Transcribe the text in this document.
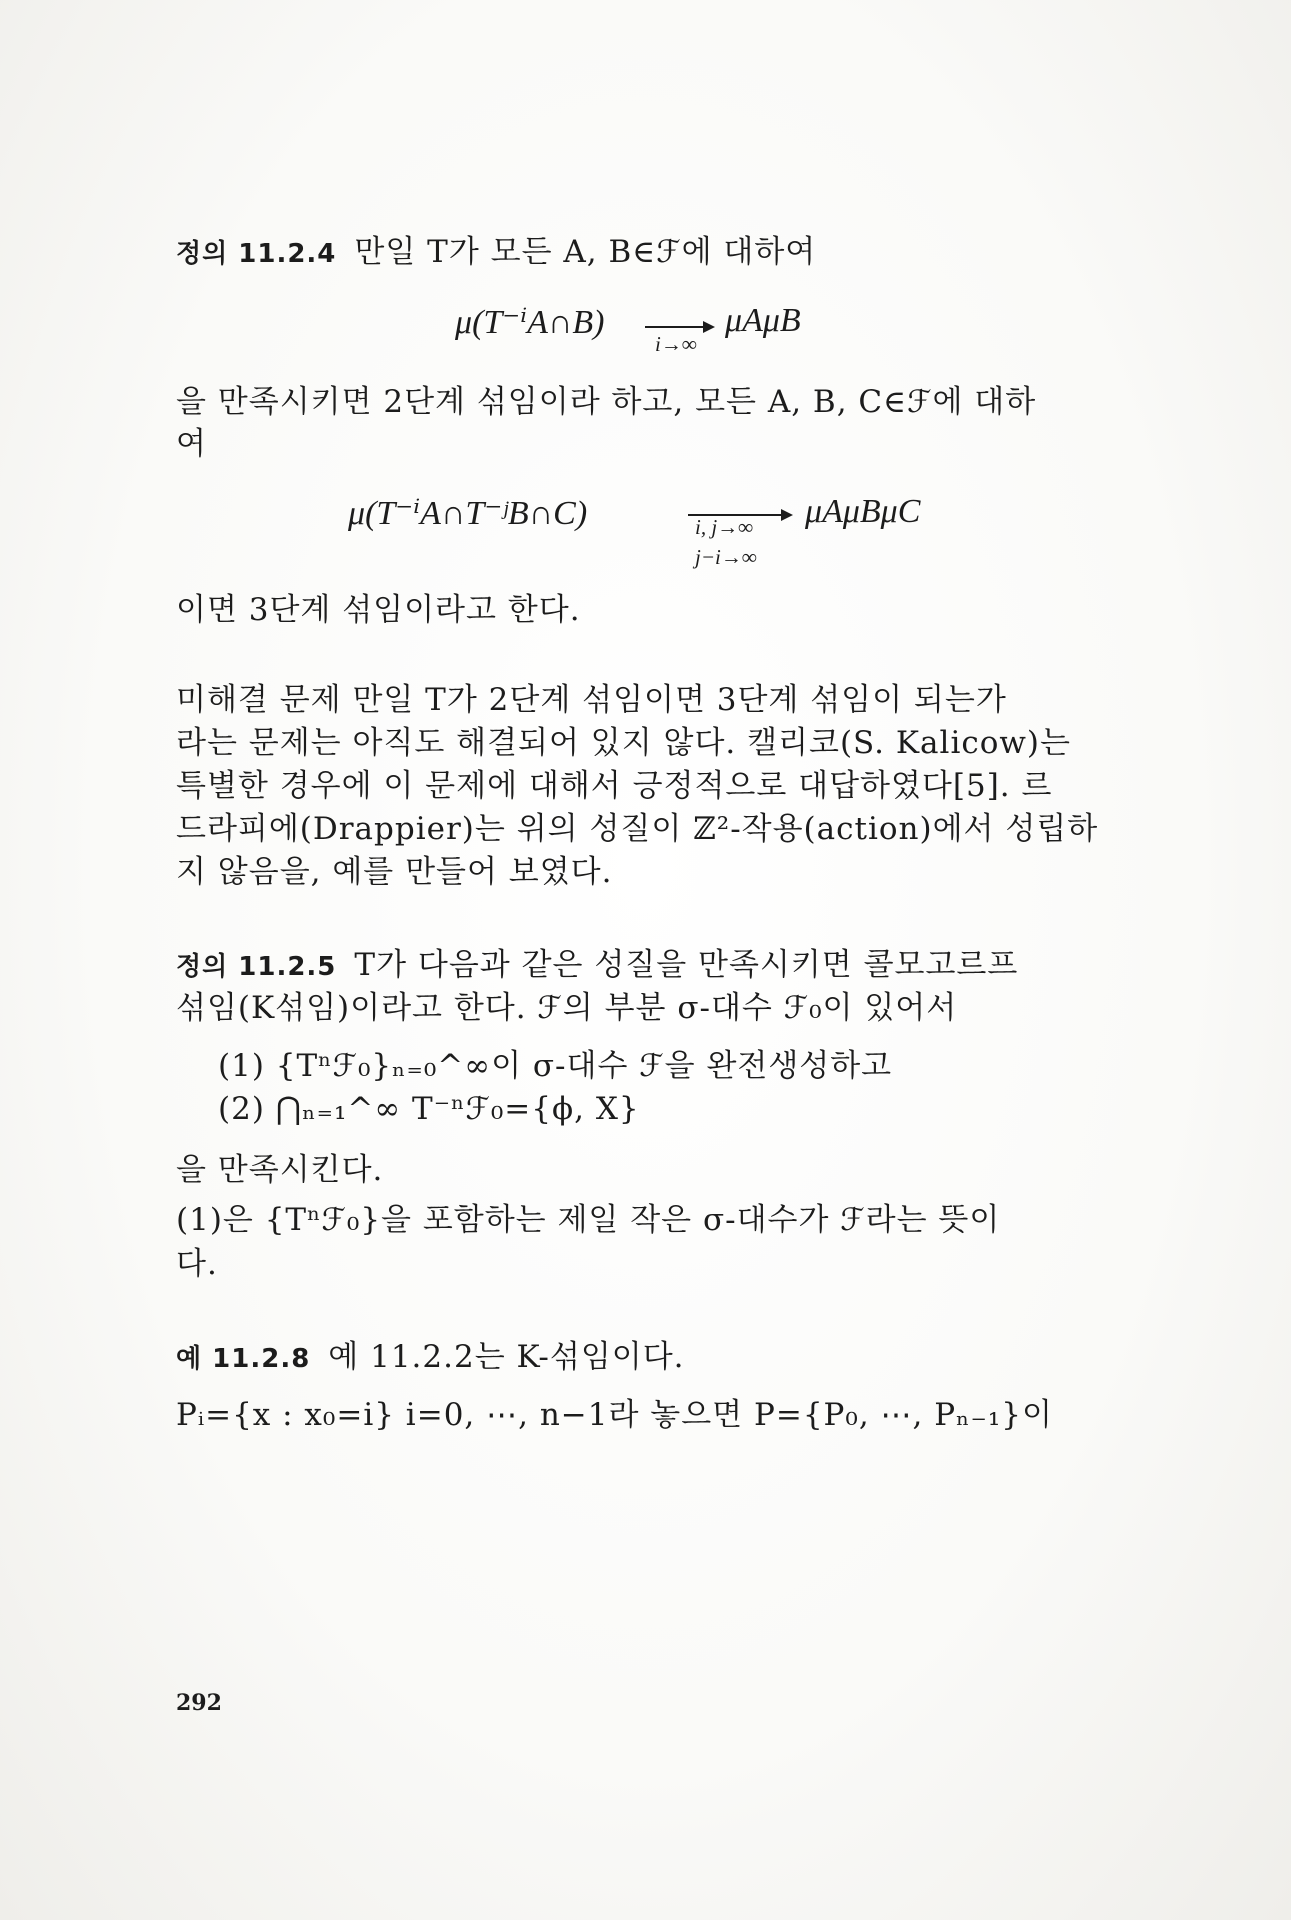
정의 11.2.4 만일 T가 모든 A, B∈ℱ에 대하여
μ(T⁻ⁱA∩B)
i→∞
μAμB
을 만족시키면 2단계 섞임이라 하고, 모든 A, B, C∈ℱ에 대하
여
μ(T⁻ⁱA∩T⁻ʲB∩C)	i, j→∞
j−i→∞
μAμBμC
이면 3단계 섞임이라고 한다.
미해결 문제 만일 T가 2단계 섞임이면 3단계 섞임이 되는가
라는 문제는 아직도 해결되어 있지 않다. 캘리코(S. Kalicow)는
특별한 경우에 이 문제에 대해서 긍정적으로 대답하였다[5]. 르
드라피에(Drappier)는 위의 성질이 ℤ²-작용(action)에서 성립하
지 않음을, 예를 만들어 보였다.
정의 11.2.5 T가 다음과 같은 성질을 만족시키면 콜모고르프
섞임(K섞임)이라고 한다. ℱ의 부분 σ-대수 ℱ₀이 있어서
(1) {Tⁿℱ₀}ₙ₌₀^∞이 σ-대수 ℱ을 완전생성하고
(2) ⋂ₙ₌₁^∞ T⁻ⁿℱ₀={ϕ, X}
을 만족시킨다.
(1)은 {Tⁿℱ₀}을 포함하는 제일 작은 σ-대수가 ℱ라는 뜻이
다.
예 11.2.8 예 11.2.2는 K-섞임이다.
Pᵢ={x : x₀=i} i=0, ⋯, n−1라 놓으면 P={P₀, ⋯, Pₙ₋₁}이
292
